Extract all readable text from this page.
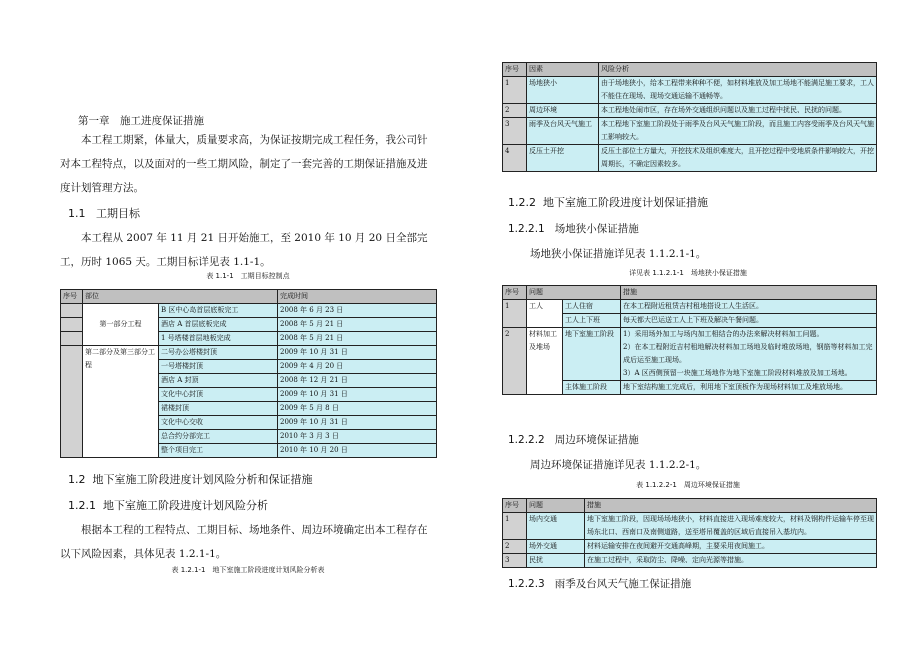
第一章　施工进度保证措施
本工程工期紧，体量大，质量要求高，为保证按期完成工程任务，我公司针对本工程特点，以及面对的一些工期风险，制定了一套完善的工期保证措施及进度计划管理方法。
1.1 工期目标
本工程从 2007 年 11 月 21 日开始施工，至 2010 年 10 月 20 日全部完工，历时 1065 天。工期目标详见表 1.1-1。
表 1.1-1　工期目标控制点
序号	部位		完成时间
	第一部分工程	B 区中心岛首层底板完工	2008 年 6 月 23 日
		酒店 A 首层底板完成	2008 年 5 月 21 日
		1 号塔楼首层地板完成	2008 年 5 月 21 日
	第二部分及第三部分工程	二号办公塔楼封顶	2009 年 10 月 31 日
		一号塔楼封顶	2009 年 4 月 20 日
		酒店 A 封顶	2008 年 12 月 21 日
		文化中心封顶	2009 年 10 月 31 日
		裙楼封顶	2009 年 5 月 8 日
		文化中心交收	2009 年 10 月 31 日
		总合约分部完工	2010 年 3 月 3 日
		整个项目完工	2010 年 10 月 20 日
1.2 地下室施工阶段进度计划风险分析和保证措施
1.2.1 地下室施工阶段进度计划风险分析
根据本工程的工程特点、工期目标、场地条件、周边环境确定出本工程存在以下风险因素，具体见表 1.2.1-1。
表 1.2.1-1　地下室施工阶段进度计划风险分析表
序号	因素	风险分析
1	场地狭小	由于场地狭小，给本工程带来种种不便，如材料堆放及加工场地不能满足施工要求，工人不能住在现场、现场交通运输不通畅等。
2	周边环境	本工程地处闹市区，存在场外交通组织问题以及施工过程中扰民、民扰的问题。
3	雨季及台风天气施工	本工程地下室施工阶段处于雨季及台风天气施工阶段，而且施工内容受雨季及台风天气施工影响较大。
4	反压土开挖	反压土部位土方量大，开挖技术及组织难度大，且开挖过程中受地质条件影响较大，开挖周期长，不确定因素较多。
1.2.2 地下室施工阶段进度计划保证措施
1.2.2.1 场地狭小保证措施
场地狭小保证措施详见表 1.1.2.1-1。
详见表 1.1.2.1-1　场地狭小保证措施
序号	问题		措施
1	工人	工人住宿	在本工程附近租赁吉村租地搭设工人生活区。
		工人上下班	每天都大巴运送工人上下班及解决午餐问题。
2	材料加工及堆场	地下室施工阶段	1）采用场外加工与场内加工相结合的办法来解决材料加工问题。
2）在本工程附近吉村租地解决材料加工场地及临时堆放场地，钢筋等材料加工完成后运至施工现场。
3）A 区西侧预留一块施工场地作为地下室施工阶段材料堆放及加工场地。
		主体施工阶段	地下室结构施工完成后，利用地下室顶板作为现场材料加工及堆放场地。
1.2.2.2 周边环境保证措施
周边环境保证措施详见表 1.1.2.2-1。
表 1.1.2.2-1　周边环境保证措施
序号	问题	措施
1	场内交通	地下室施工阶段，因现场场地狭小，材料直接进入现场难度较大，材料及钢构件运输车停至现场东北口、西南口及南侧道路，送至塔吊覆盖的区域后直接吊入基坑内。
2	场外交通	材料运输安排在夜间避开交通高峰期，主要采用夜间施工。
3	民扰	在施工过程中，采取防尘、降噪、定向光源等措施。
1.2.2.3 雨季及台风天气施工保证措施
